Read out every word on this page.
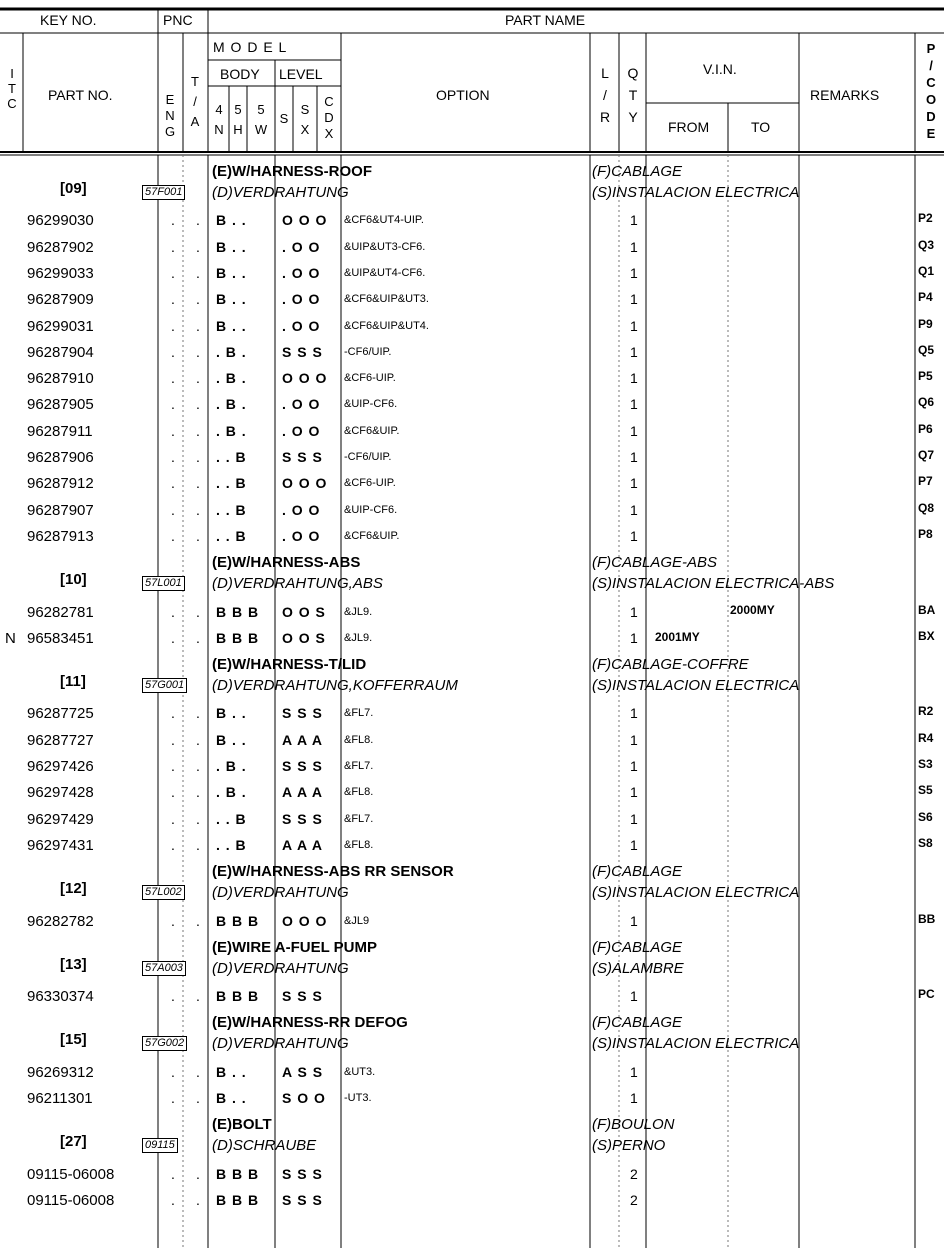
KEY NO.	PNC	PART NAME
I
T
C
PART NO.
M O D E L
E
N
G
T
/
A
BODY LEVEL
4
N
5
H
5
W
S
S
X
C
D
X
OPTION
L
/
R
Q
T
Y
V.I.N.
FROM	TO
REMARKS
P
/
C
O
D
E
(E)W/HARNESS-ROOF	(F)CABLAGE
[09]	57F001 (D)VERDRAHTUNG	(S)INSTALACION ELECTRICA
96299030	. . B . .	O O O &CF6&UT4-UIP.	1	P2
96287902	. . B . .	. O O &UIP&UT3-CF6.	1	Q3
96299033	. . B . .	. O O &UIP&UT4-CF6.	1	Q1
96287909	. . B . .	. O O &CF6&UIP&UT3.	1	P4
96299031	. . B . .	. O O &CF6&UIP&UT4.	1	P9
96287904	. . . B .	S S S -CF6/UIP.	1	Q5
96287910	. . . B .	O O O &CF6-UIP.	1	P5
96287905	. . . B .	. O O &UIP-CF6.	1	Q6
96287911	. . . B .	. O O &CF6&UIP.	1	P6
96287906	. . . . B	S S S -CF6/UIP.	1	Q7
96287912	. . . . B	O O O &CF6-UIP.	1	P7
96287907	. . . . B	. O O &UIP-CF6.	1	Q8
96287913	. . . . B	. O O &CF6&UIP.	1	P8
(E)W/HARNESS-ABS	(F)CABLAGE-ABS
[10]	57L001 (D)VERDRAHTUNG,ABS	(S)INSTALACION ELECTRICA-ABS
96282781	. . B B B O O S &JL9.	1	2000MY	BA
N 96583451	. . B B B O O S &JL9.	1 2001MY	BX
(E)W/HARNESS-T/LID	(F)CABLAGE-COFFRE
[11]	57G001 (D)VERDRAHTUNG,KOFFERRAUM	(S)INSTALACION ELECTRICA
96287725	. . B . .	S S S &FL7.	1	R2
96287727	. . B . .	A A A &FL8.	1	R4
96297426	. . . B .	S S S &FL7.	1	S3
96297428	. . . B .	A A A &FL8.	1	S5
96297429	. . . . B	S S S &FL7.	1	S6
96297431	. . . . B	A A A &FL8.	1	S8
(E)W/HARNESS-ABS RR SENSOR	(F)CABLAGE
[12]	57L002 (D)VERDRAHTUNG	(S)INSTALACION ELECTRICA
96282782	. . B B B O O O &JL9	1	BB
(E)WIRE A-FUEL PUMP	(F)CABLAGE
[13]	57A003 (D)VERDRAHTUNG	(S)ALAMBRE
96330374	. . B B B S S S	1	PC
(E)W/HARNESS-RR DEFOG	(F)CABLAGE
[15]	57G002 (D)VERDRAHTUNG	(S)INSTALACION ELECTRICA
96269312	. . B . .	A S S &UT3.	1
96211301	. . B . .	S O O -UT3.	1
(E)BOLT	(F)BOULON
[27]	09115 (D)SCHRAUBE	(S)PERNO
09115-06008	. . B B B S S S	2
09115-06008	. . B B B S S S	2
